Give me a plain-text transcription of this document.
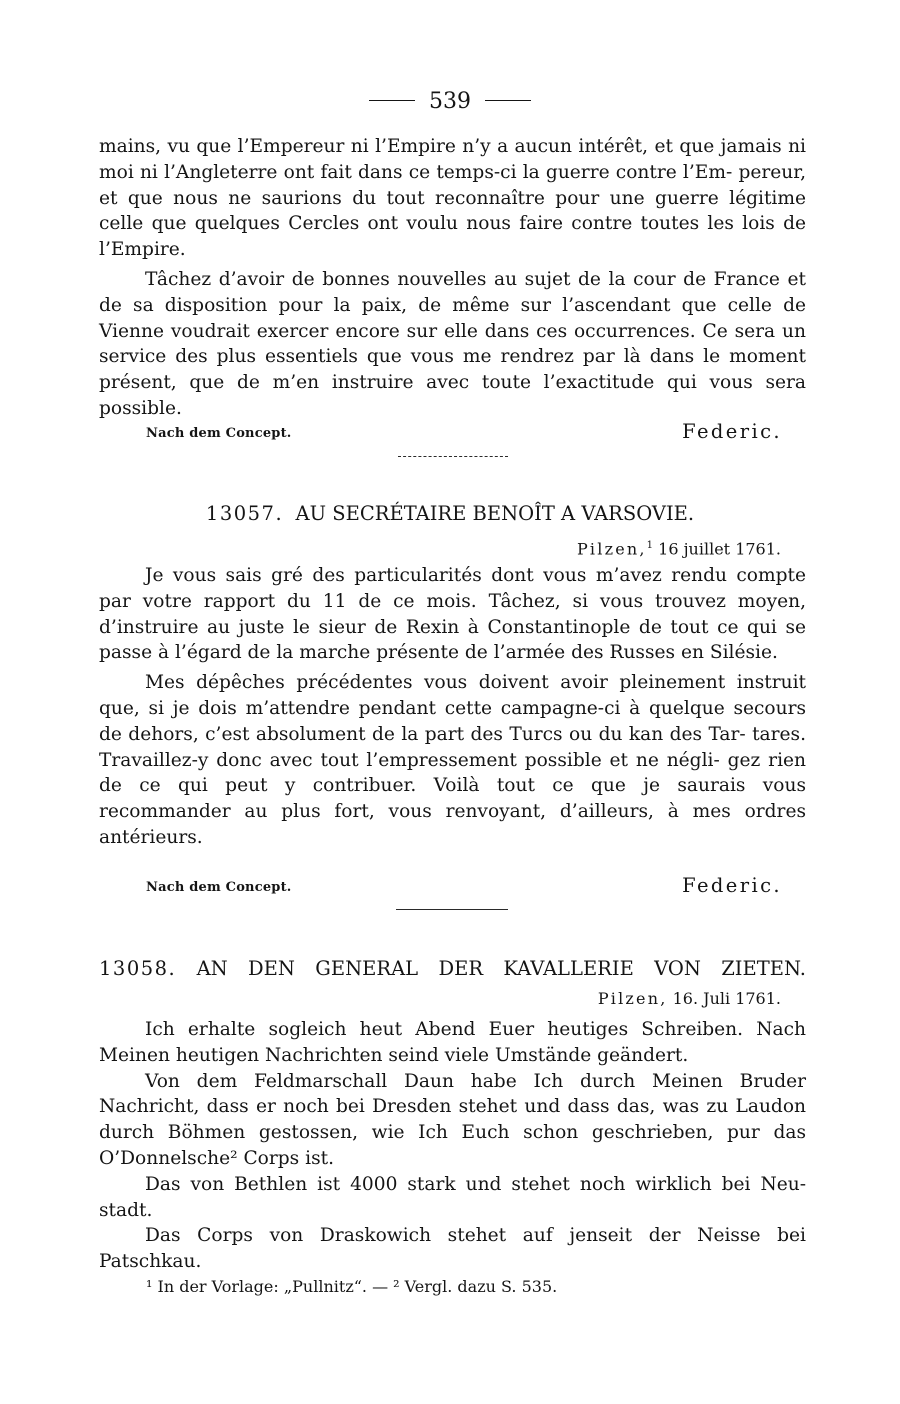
539

mains, vu que l’Empereur ni l’Empire n’y a aucun intérêt, et que jamais ni moi ni l’Angleterre ont fait dans ce temps-ci la guerre contre l’Em- pereur, et que nous ne saurions du tout reconnaître pour une guerre légitime celle que quelques Cercles ont voulu nous faire contre toutes les lois de l’Empire.

Tâchez d’avoir de bonnes nouvelles au sujet de la cour de France et de sa disposition pour la paix, de même sur l’ascendant que celle de Vienne voudrait exercer encore sur elle dans ces occurrences. Ce sera un service des plus essentiels que vous me rendrez par là dans le moment présent, que de m’en instruire avec toute l’exactitude qui vous sera possible.

Nach dem Concept.	Federic.
13057. AU SECRÉTAIRE BENOÎT A VARSOVIE.
Pilzen,$^1$ 16 juillet 1761.

Je vous sais gré des particularités dont vous m’avez rendu compte par votre rapport du 11 de ce mois. Tâchez, si vous trouvez moyen, d’instruire au juste le sieur de Rexin à Constantinople de tout ce qui se passe à l’égard de la marche présente de l’armée des Russes en Silésie.

Mes dépêches précédentes vous doivent avoir pleinement instruit que, si je dois m’attendre pendant cette campagne-ci à quelque secours de dehors, c’est absolument de la part des Turcs ou du kan des Tar- tares. Travaillez-y donc avec tout l’empressement possible et ne négli- gez rien de ce qui peut y contribuer. Voilà tout ce que je saurais vous recommander au plus fort, vous renvoyant, d’ailleurs, à mes ordres antérieurs.

Nach dem Concept.	Federic.
13058. AN DEN GENERAL DER KAVALLERIE VON ZIETEN.
Pilzen, 16. Juli 1761.

Ich erhalte sogleich heut Abend Euer heutiges Schreiben. Nach Meinen heutigen Nachrichten seind viele Umstände geändert.

Von dem Feldmarschall Daun habe Ich durch Meinen Bruder Nachricht, dass er noch bei Dresden stehet und dass das, was zu Laudon durch Böhmen gestossen, wie Ich Euch schon geschrieben, pur das O’Donnelsche² Corps ist.

Das von Bethlen ist 4000 stark und stehet noch wirklich bei Neu- stadt.

Das Corps von Draskowich stehet auf jenseit der Neisse bei Patschkau.

¹ In der Vorlage: „Pullnitz“. — ² Vergl. dazu S. 535.
